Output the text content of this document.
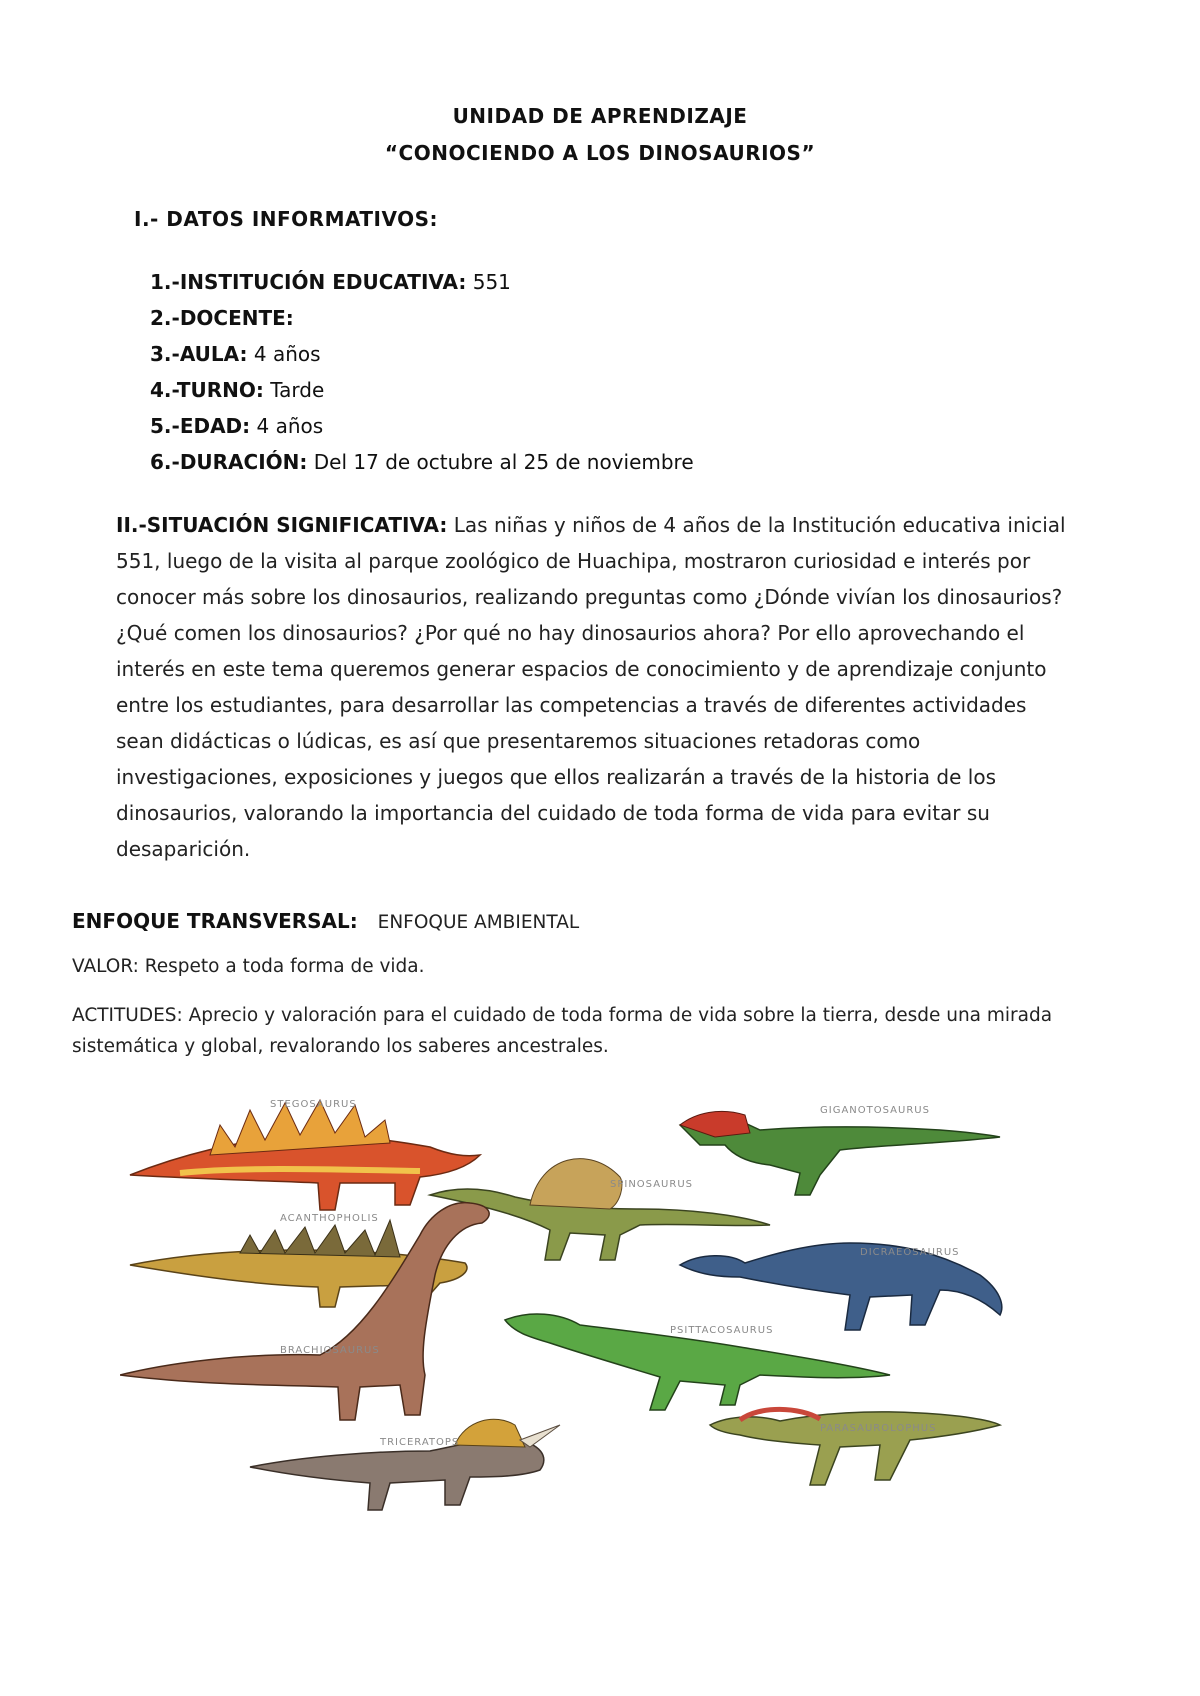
UNIDAD DE APRENDIZAJE
“CONOCIENDO A LOS DINOSAURIOS”
I.- DATOS INFORMATIVOS:
1.-INSTITUCIÓN EDUCATIVA: 551
2.-DOCENTE:
3.-AULA: 4 años
4.-TURNO: Tarde
5.-EDAD: 4 años
6.-DURACIÓN: Del 17 de octubre al 25 de noviembre
II.-SITUACIÓN SIGNIFICATIVA: Las niñas y niños de 4 años de la Institución educativa inicial 551, luego de la visita al parque zoológico de Huachipa, mostraron curiosidad e interés por conocer más sobre los dinosaurios, realizando preguntas como ¿Dónde vivían los dinosaurios? ¿Qué comen los dinosaurios? ¿Por qué no hay dinosaurios ahora? Por ello aprovechando el interés en este tema queremos generar espacios de conocimiento y de aprendizaje conjunto entre los estudiantes, para desarrollar las competencias a través de diferentes actividades sean didácticas o lúdicas, es así que presentaremos situaciones retadoras como investigaciones, exposiciones y juegos que ellos realizarán a través de la historia de los dinosaurios, valorando la importancia del cuidado de toda forma de vida para evitar su desaparición.
ENFOQUE TRANSVERSAL: ENFOQUE AMBIENTAL
VALOR: Respeto a toda forma de vida.
ACTITUDES: Aprecio y valoración para el cuidado de toda forma de vida sobre la tierra, desde una mirada sistemática y global, revalorando los saberes ancestrales.
STEGOSAURUS
GIGANOTOSAURUS
SPINOSAURUS
ACANTHOPHOLIS
DICRAEOSAURUS
BRACHIOSAURUS
PSITTACOSAURUS
TRICERATOPS
PARASAUROLOPHUS
